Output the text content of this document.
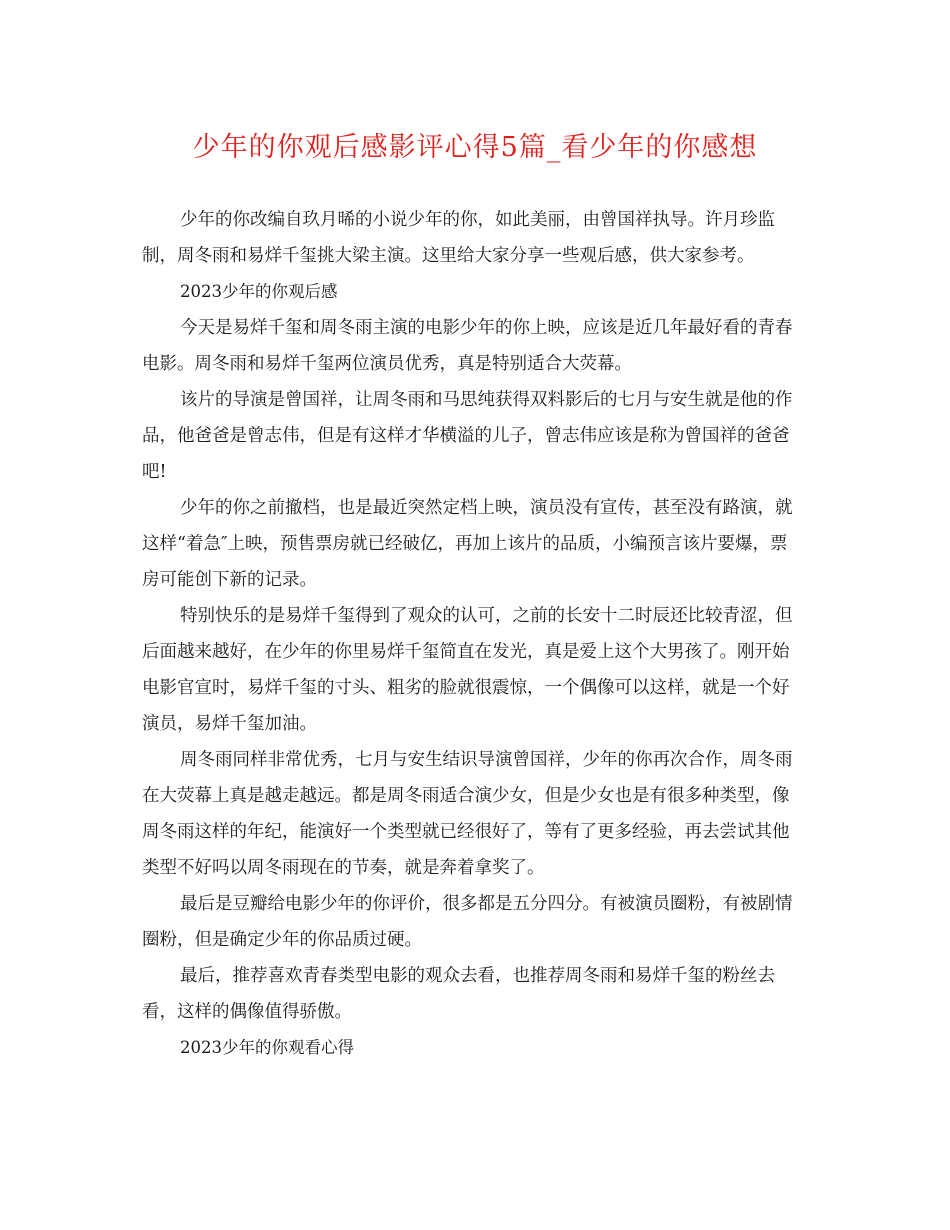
少年的你观后感影评心得5篇_看少年的你感想

少年的你改编自玖月晞的小说少年的你，如此美丽，由曾国祥执导。许月珍监制，周冬雨和易烊千玺挑大梁主演。这里给大家分享一些观后感，供大家参考。

2023少年的你观后感

今天是易烊千玺和周冬雨主演的电影少年的你上映，应该是近几年最好看的青春电影。周冬雨和易烊千玺两位演员优秀，真是特别适合大荧幕。

该片的导演是曾国祥，让周冬雨和马思纯获得双料影后的七月与安生就是他的作品，他爸爸是曾志伟，但是有这样才华横溢的儿子，曾志伟应该是称为曾国祥的爸爸吧!

少年的你之前撤档，也是最近突然定档上映，演员没有宣传，甚至没有路演，就这样“着急″上映，预售票房就已经破亿，再加上该片的品质，小编预言该片要爆，票房可能创下新的记录。

特别快乐的是易烊千玺得到了观众的认可，之前的长安十二时辰还比较青涩，但后面越来越好，在少年的你里易烊千玺简直在发光，真是爱上这个大男孩了。刚开始电影官宣时，易烊千玺的寸头、粗劣的脸就很震惊，一个偶像可以这样，就是一个好演员，易烊千玺加油。

周冬雨同样非常优秀，七月与安生结识导演曾国祥，少年的你再次合作，周冬雨在大荧幕上真是越走越远。都是周冬雨适合演少女，但是少女也是有很多种类型，像周冬雨这样的年纪，能演好一个类型就已经很好了，等有了更多经验，再去尝试其他类型不好吗以周冬雨现在的节奏，就是奔着拿奖了。

最后是豆瓣给电影少年的你评价，很多都是五分四分。有被演员圈粉，有被剧情圈粉，但是确定少年的你品质过硬。

最后，推荐喜欢青春类型电影的观众去看，也推荐周冬雨和易烊千玺的粉丝去看，这样的偶像值得骄傲。

2023少年的你观看心得
